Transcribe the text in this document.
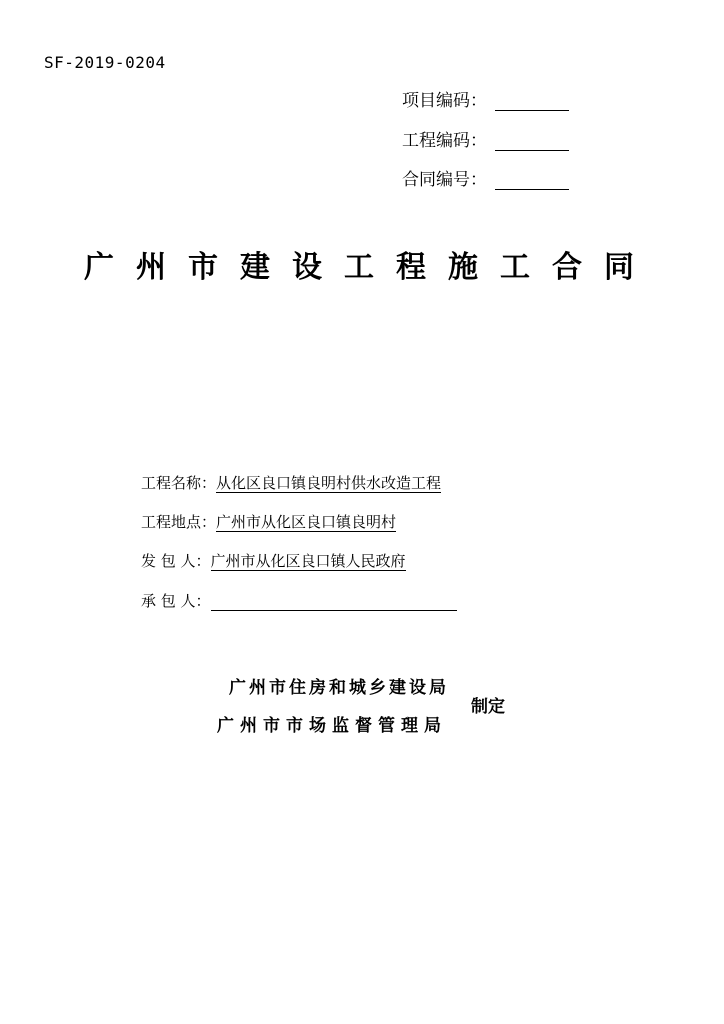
SF-2019-0204
项目编码：
工程编码：
合同编号：
广州市建设工程施工合同
工程名称： 从化区良口镇良明村供水改造工程
工程地点： 广州市从化区良口镇良明村
发 包 人： 广州市从化区良口镇人民政府
承 包 人：
广州市住房和城乡建设局
广州市市场监督管理局
制定
